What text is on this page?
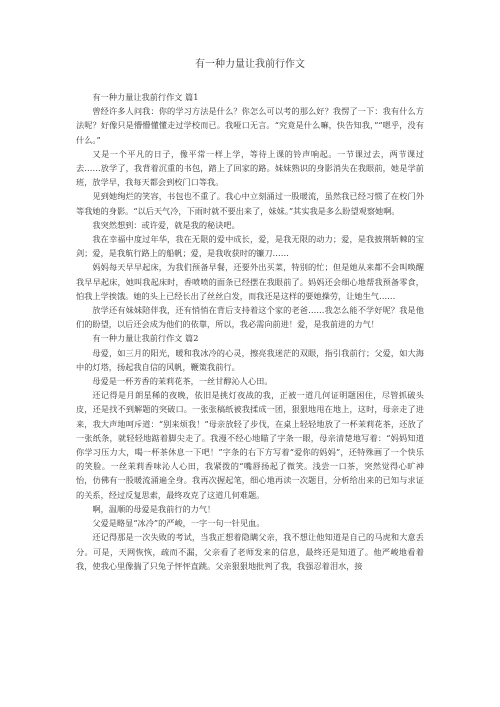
有一种力量让我前行作文

有一种力量让我前行作文 篇1

曾经许多人问我：你的学习方法是什么？你怎么可以考的那么好？我愣了一下：我有什么方法呢？好像只是懵懵懂懂走过学校而已。我哑口无言。“究竟是什么嘛，快告知我，”“嗯乎，没有什么。”

又是一个平凡的日子，像平常一样上学，等待上课的铃声响起。一节课过去，两节课过去……放学了，我背着沉重的书包，踏上了回家的路。妹妹熟识的身影消失在我眼前，她是学前班，放学早，我每天都会到校门口等我。

见到她绚烂的笑容，书包也不重了。我心中立刻涌过一股暖流，虽然我已经习惯了在校门外等我她的身影。“以后天气冷，下雨时就不要出来了，妹妹。”其实我是多么盼望观察她啊。

我突然想到：或许爱，就是我的秘诀吧。

我在幸福中度过年华，我在无限的爱中成长，爱，是我无限的动力；爱，是我披荆斩棘的宝剑；爱，是我航行路上的船帆；爱，是我收获时的镰刀……

妈妈每天早早起床，为我们预备早餐，还要外出买菜，特别的忙；但是她从来都不会叫唤醒我早早起床，她叫我起床时，香喷喷的面条已经摆在我眼前了。妈妈还会细心地帮我预备零食，怕我上学挨饿。她的头上已经长出了丝丝白发，而我还是这样的要她操劳，让她生气……

放学还有妹妹陪伴我，还有悄悄在背后支持着这个家的老爸……我怎么能不学好呢？我是他们的盼望，以后还会成为他们的依靠，所以，我必需向前进！爱，是我前进的力气！

有一种力量让我前行作文 篇2

母爱，如三月的阳光，暖和我冰冷的心灵，擦亮我迷茫的双眼，指引我前行；父爱，如大海中的灯塔，扬起我自信的风帆，鞭策我前行。

母爱是一杯芳香的茉莉花茶，一丝甘醇沁人心田。

还记得是月朗星稀的夜晚，依旧是挑灯夜战的我，正被一道几何证明题困住，尽管抓破头皮，还是找不到解题的突破口。一张张稿纸被我揉成一团，狠狠地甩在地上，这时，母亲走了进来，我大声地呵斥道：“别来烦我！”母亲放轻了步伐，在桌上轻轻地放了一杯茉莉花茶，还放了一张纸条，就轻轻地踮着脚尖走了。我漫不经心地瞄了字条一眼，母亲清楚地写着：“妈妈知道你学习压力大，喝一杯茶休息一下吧！”字条的右下方写着“爱你的妈妈”，还特殊画了一个快乐的笑脸。一丝茉莉香味沁人心田，我紧拨的“嘴唇扬起了微笑。浅尝一口茶，突然觉得心旷神怡，仿佛有一股暖流涌遍全身。我再次握起笔，细心地再读一次题目，分析给出来的已知与求证的关系，经过反复思索，最终攻克了这道几何难题。

啊，温顺的母爱是我前行的力气！

父爱是略显“冰冷”的严峻，一字一句一针见血。

还记得那是一次失败的考试，当我正想着隐瞒父亲，我不想让他知道是自己的马虎和大意丢分。可是，天网恢恢，疏而不漏，父亲看了老师发来的信息，最终还是知道了。他严峻地看着我，使我心里像揣了只兔子怦怦直跳。父亲狠狠地批判了我，我强忍着泪水，接
